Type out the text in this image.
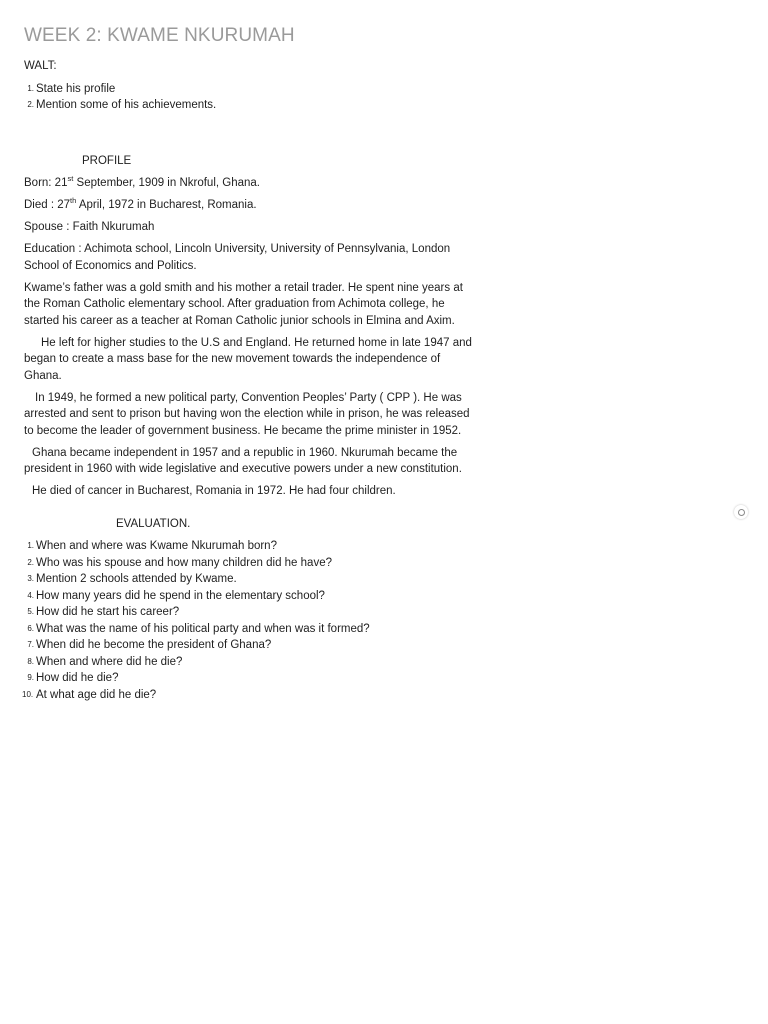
WEEK 2: KWAME NKURUMAH
WALT:
1. State his profile
2. Mention some of his achievements.
PROFILE

Born: 21st September, 1909 in Nkroful, Ghana.

Died : 27th April, 1972 in Bucharest, Romania.

Spouse : Faith Nkurumah

Education : Achimota school, Lincoln University, University of Pennsylvania, London School of Economics and Politics.

Kwame’s father was a gold smith and his mother a retail trader. He spent nine years at the Roman Catholic elementary school. After graduation from Achimota college, he started his career as a teacher at Roman Catholic junior schools in Elmina and Axim.

He left for higher studies to the U.S and England. He returned home in late 1947 and began to create a mass base for the new movement towards the independence of Ghana.

In 1949, he formed a new political party, Convention Peoples’ Party ( CPP ). He was arrested and sent to prison but having won the election while in prison, he was released to become the leader of government business. He became the prime minister in 1952.

Ghana became independent in 1957 and a republic in 1960. Nkurumah became the president in 1960 with wide legislative and executive powers under a new constitution.

He died of cancer in Bucharest, Romania in 1972. He had four children.

EVALUATION.
1. When and where was Kwame Nkurumah born?
2. Who was his spouse and how many children did he have?
3. Mention 2 schools attended by Kwame.
4. How many years did he spend in the elementary school?
5. How did he start his career?
6. What was the name of his political party and when was it formed?
7. When did he become the president of Ghana?
8. When and where did he die?
9. How did he die?
10. At what age did he die?
